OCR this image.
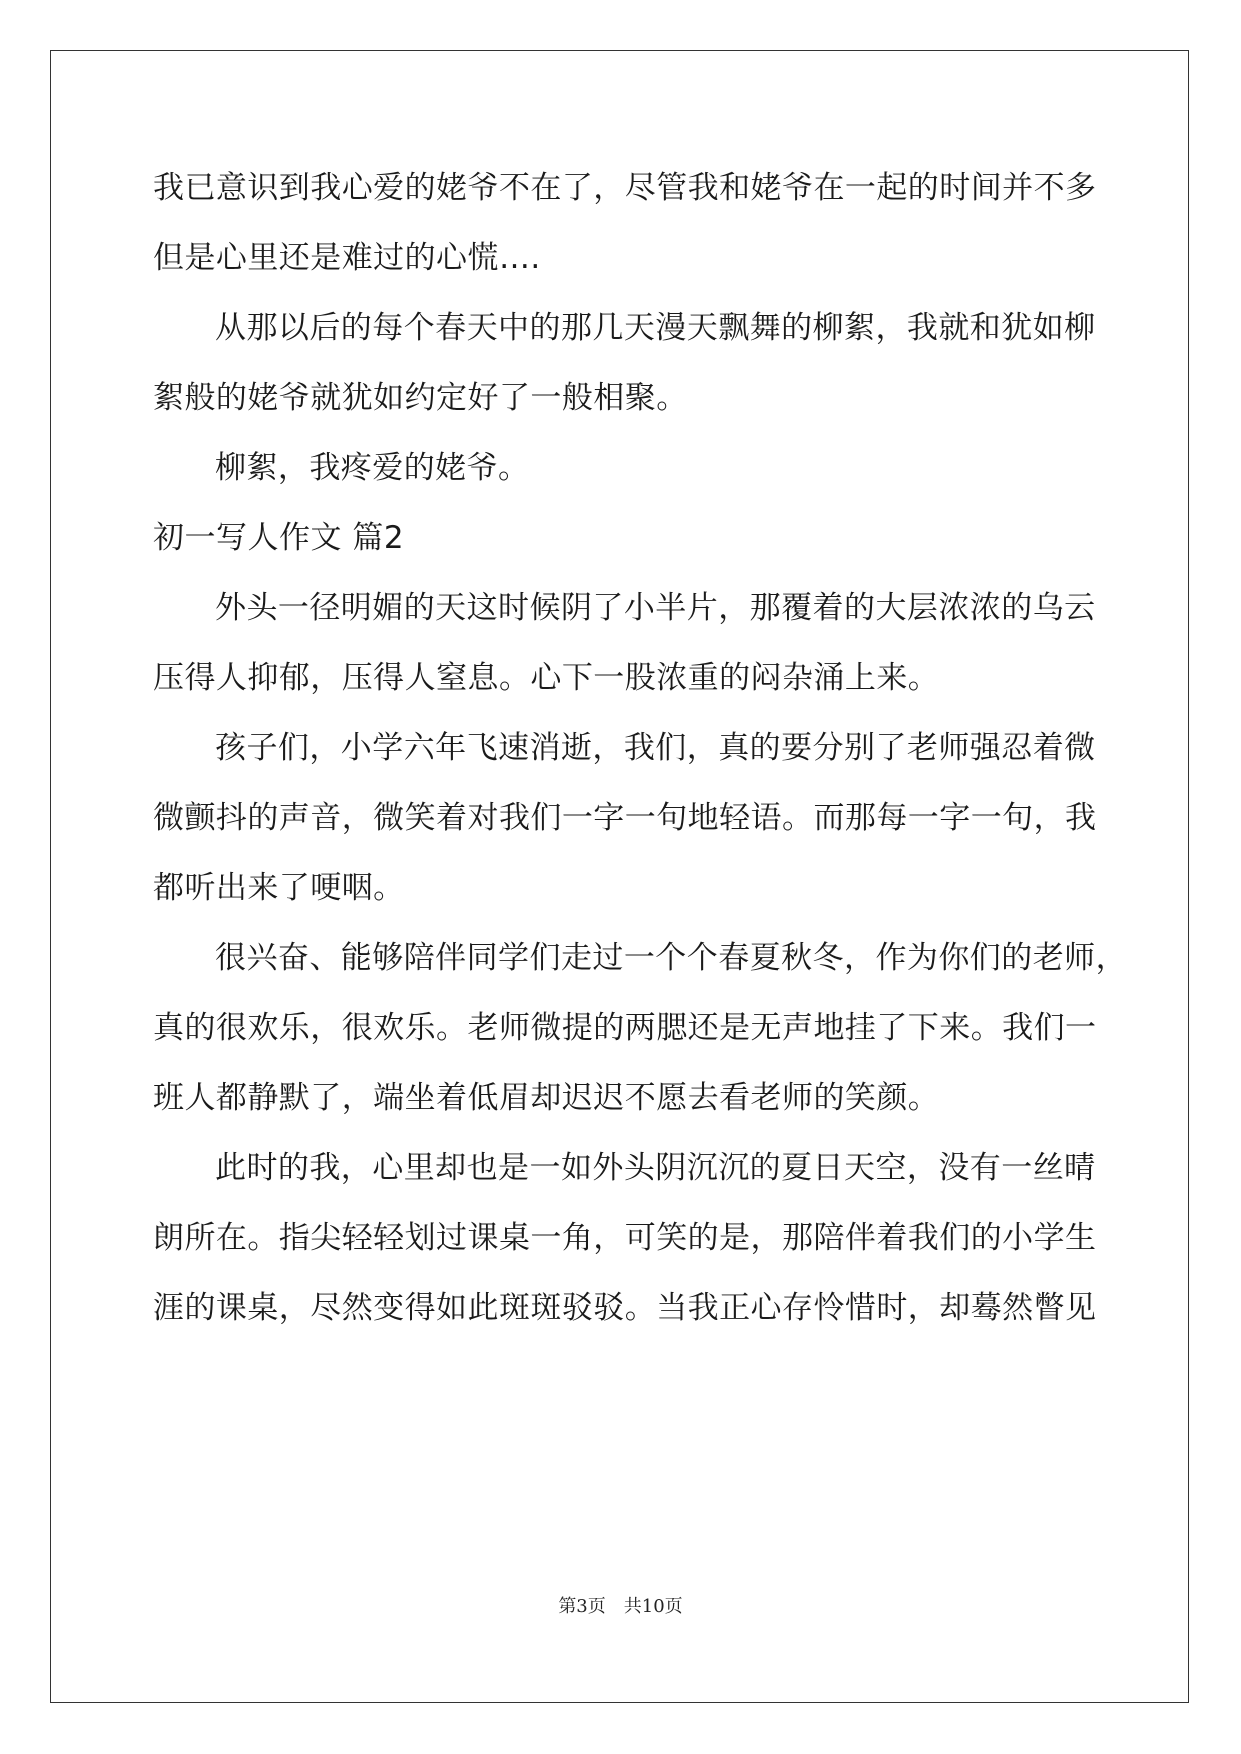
我已意识到我心爱的姥爷不在了，尽管我和姥爷在一起的时间并不多

但是心里还是难过的心慌….

从那以后的每个春天中的那几天漫天飘舞的柳絮，我就和犹如柳

絮般的姥爷就犹如约定好了一般相聚。

柳絮，我疼爱的姥爷。

初一写人作文 篇2

外头一径明媚的天这时候阴了小半片，那覆着的大层浓浓的乌云

压得人抑郁，压得人窒息。心下一股浓重的闷杂涌上来。

孩子们，小学六年飞速消逝，我们，真的要分别了老师强忍着微

微颤抖的声音，微笑着对我们一字一句地轻语。而那每一字一句，我

都听出来了哽咽。

很兴奋、能够陪伴同学们走过一个个春夏秋冬，作为你们的老师，

真的很欢乐，很欢乐。老师微提的两腮还是无声地挂了下来。我们一

班人都静默了，端坐着低眉却迟迟不愿去看老师的笑颜。

此时的我，心里却也是一如外头阴沉沉的夏日天空，没有一丝晴

朗所在。指尖轻轻划过课桌一角，可笑的是，那陪伴着我们的小学生

涯的课桌，尽然变得如此斑斑驳驳。当我正心存怜惜时，却蓦然瞥见

第3页　共10页
